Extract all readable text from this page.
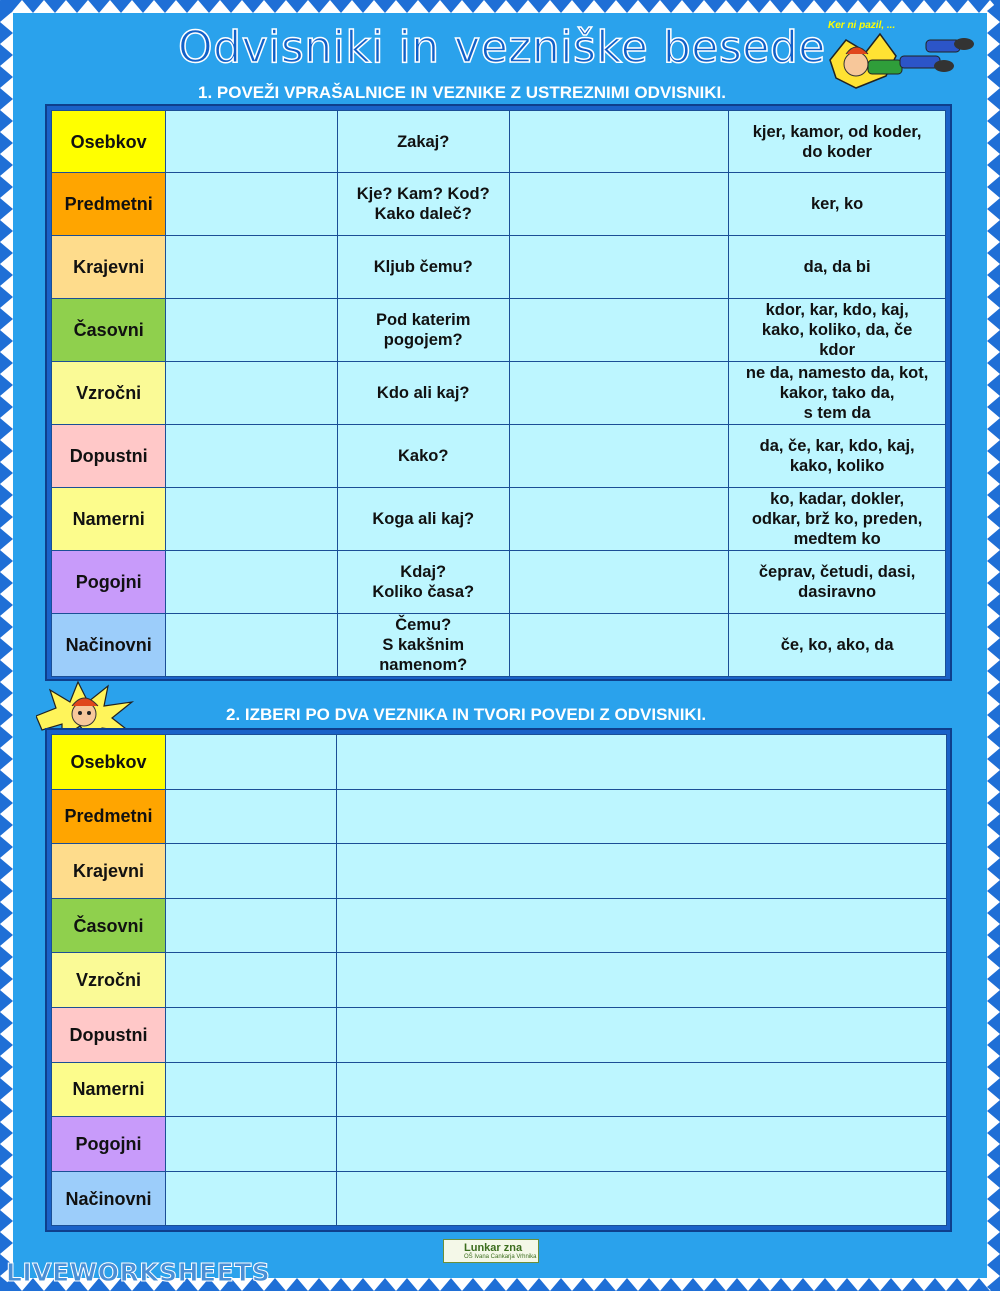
Odvisniki in vezniške besede Ker ni pazil, ...
1. POVEŽI VPRAŠALNICE IN VEZNIKE Z USTREZNIMI ODVISNIKI.
Osebkov		Zakaj?		kjer, kamor, od koder,
do koder
Predmetni		Kje? Kam? Kod?
Kako daleč?		ker, ko
Krajevni		Kljub čemu?		da, da bi
Časovni		Pod katerim
pogojem?		kdor, kar, kdo, kaj,
kako, koliko, da, če
kdor
Vzročni		Kdo ali kaj?		ne da, namesto da, kot,
kakor, tako da,
s tem da
Dopustni		Kako?		da, če, kar, kdo, kaj,
kako, koliko
Namerni		Koga ali kaj?		ko, kadar, dokler,
odkar, brž ko, preden,
medtem ko
Pogojni		Kdaj?
Koliko časa?		čeprav, četudi, dasi,
dasiravno
Načinovni		Čemu?
S kakšnim
namenom?		če, ko, ako, da
2. IZBERI PO DVA VEZNIKA IN TVORI POVEDI Z ODVISNIKI.
Osebkov		
Predmetni		
Krajevni		
Časovni		
Vzročni		
Dopustni		
Namerni		
Pogojni		
Načinovni		
Lunkar zna
OŠ Ivana Cankarja Vrhnika
LIVEWORKSHEETS
